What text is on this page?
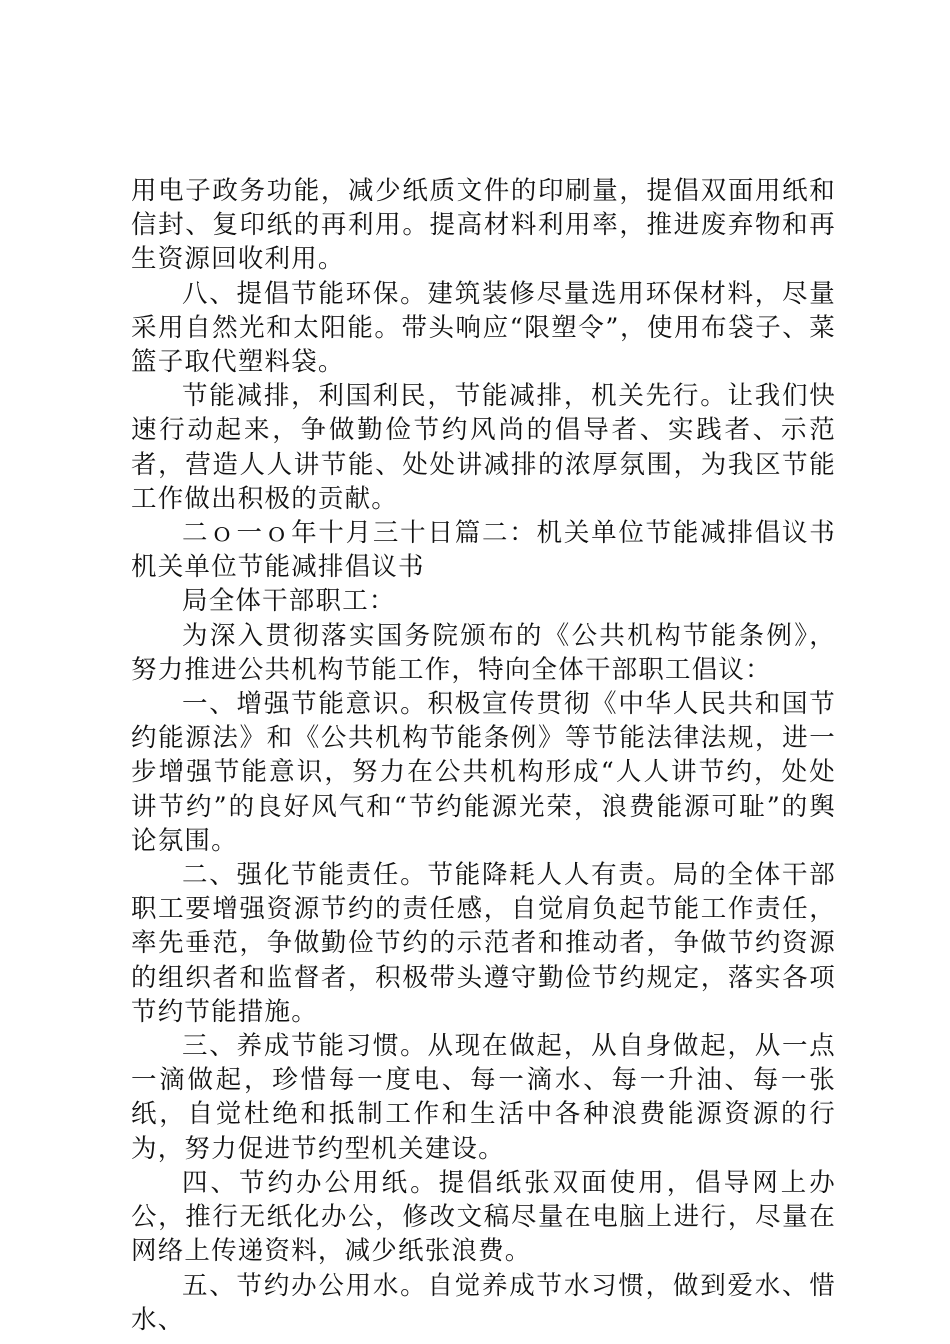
用电子政务功能，减少纸质文件的印刷量，提倡双面用纸和信封、复印纸的再利用。提高材料利用率，推进废弃物和再生资源回收利用。

八、提倡节能环保。建筑装修尽量选用环保材料，尽量采用自然光和太阳能。带头响应“限塑令”，使用布袋子、菜篮子取代塑料袋。

节能减排，利国利民，节能减排，机关先行。让我们快速行动起来，争做勤俭节约风尚的倡导者、实践者、示范者，营造人人讲节能、处处讲减排的浓厚氛围，为我区节能工作做出积极的贡献。

二ｏ一ｏ年十月三十日篇二：机关单位节能减排倡议书机关单位节能减排倡议书

局全体干部职工：

为深入贯彻落实国务院颁布的《公共机构节能条例》，努力推进公共机构节能工作，特向全体干部职工倡议：

一、增强节能意识。积极宣传贯彻《中华人民共和国节约能源法》和《公共机构节能条例》等节能法律法规，进一步增强节能意识，努力在公共机构形成“人人讲节约，处处讲节约”的良好风气和“节约能源光荣，浪费能源可耻”的舆论氛围。

二、强化节能责任。节能降耗人人有责。局的全体干部职工要增强资源节约的责任感，自觉肩负起节能工作责任，率先垂范，争做勤俭节约的示范者和推动者，争做节约资源的组织者和监督者，积极带头遵守勤俭节约规定，落实各项节约节能措施。

三、养成节能习惯。从现在做起，从自身做起，从一点一滴做起，珍惜每一度电、每一滴水、每一升油、每一张纸，自觉杜绝和抵制工作和生活中各种浪费能源资源的行为，努力促进节约型机关建设。

四、节约办公用纸。提倡纸张双面使用，倡导网上办公，推行无纸化办公，修改文稿尽量在电脑上进行，尽量在网络上传递资料，减少纸张浪费。

五、节约办公用水。自觉养成节水习惯，做到爱水、惜水、
